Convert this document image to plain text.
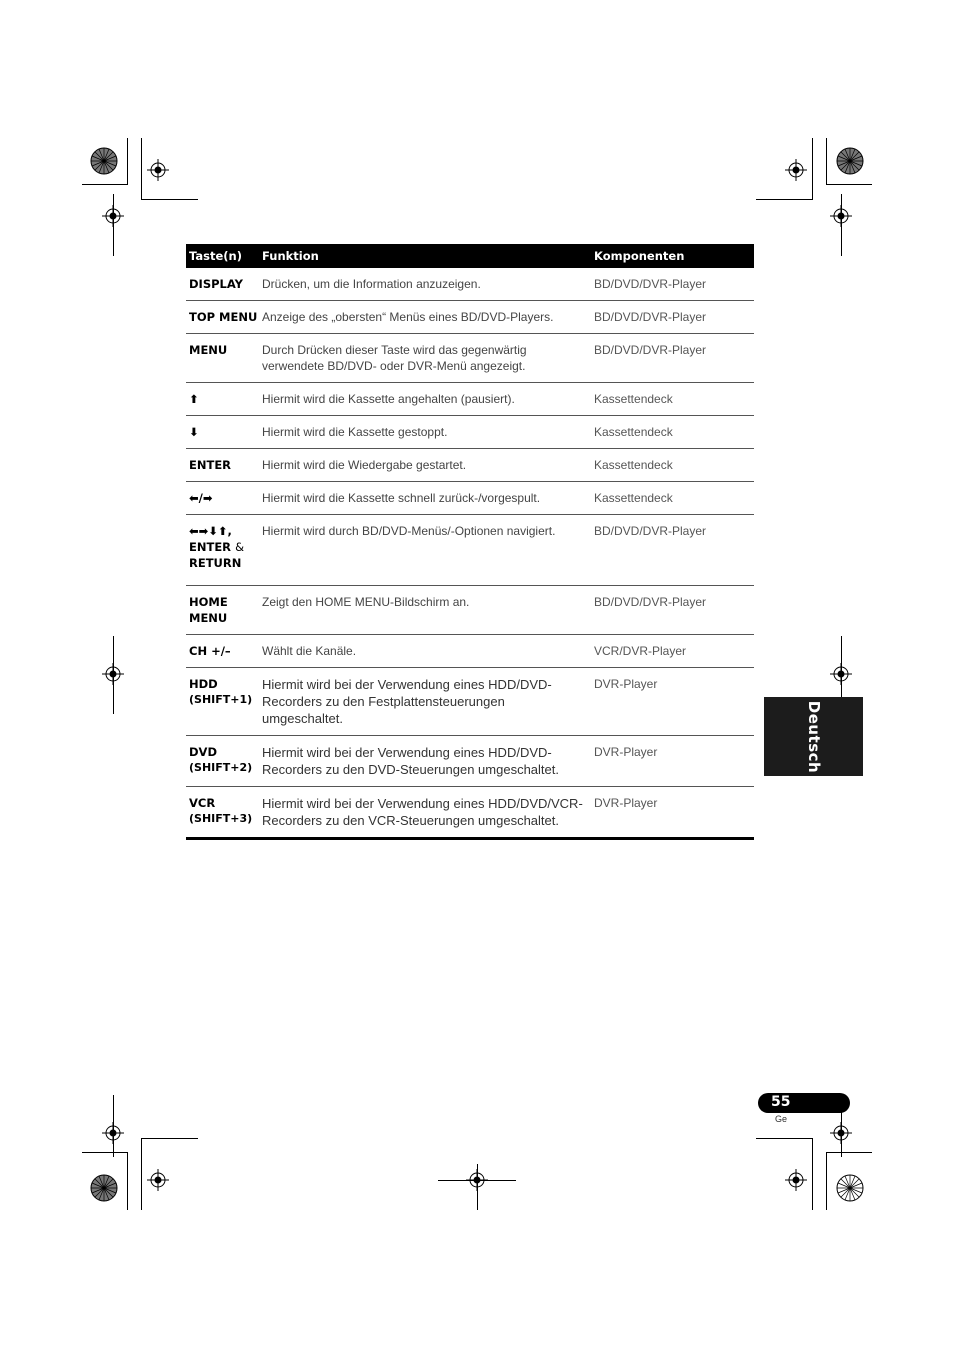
Taste(n)	Funktion	Komponenten
DISPLAY	Drücken, um die Information anzuzeigen.	BD/DVD/DVR-Player
TOP MENU	Anzeige des „obersten“ Menüs eines BD/DVD-Players.	BD/DVD/DVR-Player
MENU	Durch Drücken dieser Taste wird das gegenwärtig verwendete BD/DVD- oder DVR-Menü angezeigt.	BD/DVD/DVR-Player
⬆	Hiermit wird die Kassette angehalten (pausiert).	Kassettendeck
⬇	Hiermit wird die Kassette gestoppt.	Kassettendeck
ENTER	Hiermit wird die Wiedergabe gestartet.	Kassettendeck
⬅/➡	Hiermit wird die Kassette schnell zurück-/vorgespult.	Kassettendeck

⬅➡⬇⬆,
ENTER &
RETURN	Hiermit wird durch BD/DVD-Menüs/-Optionen navigiert.	BD/DVD/DVR-Player

HOME
MENU	Zeigt den HOME MENU-Bildschirm an.	BD/DVD/DVR-Player
CH +/–	Wählt die Kanäle.	VCR/DVR-Player

HDD
(SHIFT+1)	Hiermit wird bei der Verwendung eines HDD/DVD-Recorders zu den Festplattensteuerungen umgeschaltet.	DVR-Player

DVD
(SHIFT+2)	Hiermit wird bei der Verwendung eines HDD/DVD-Recorders zu den DVD-Steuerungen umgeschaltet.	DVR-Player

VCR
(SHIFT+3)	Hiermit wird bei der Verwendung eines HDD/DVD/VCR-Recorders zu den VCR-Steuerungen umgeschaltet.	DVR-Player
Deutsch
55
Ge
